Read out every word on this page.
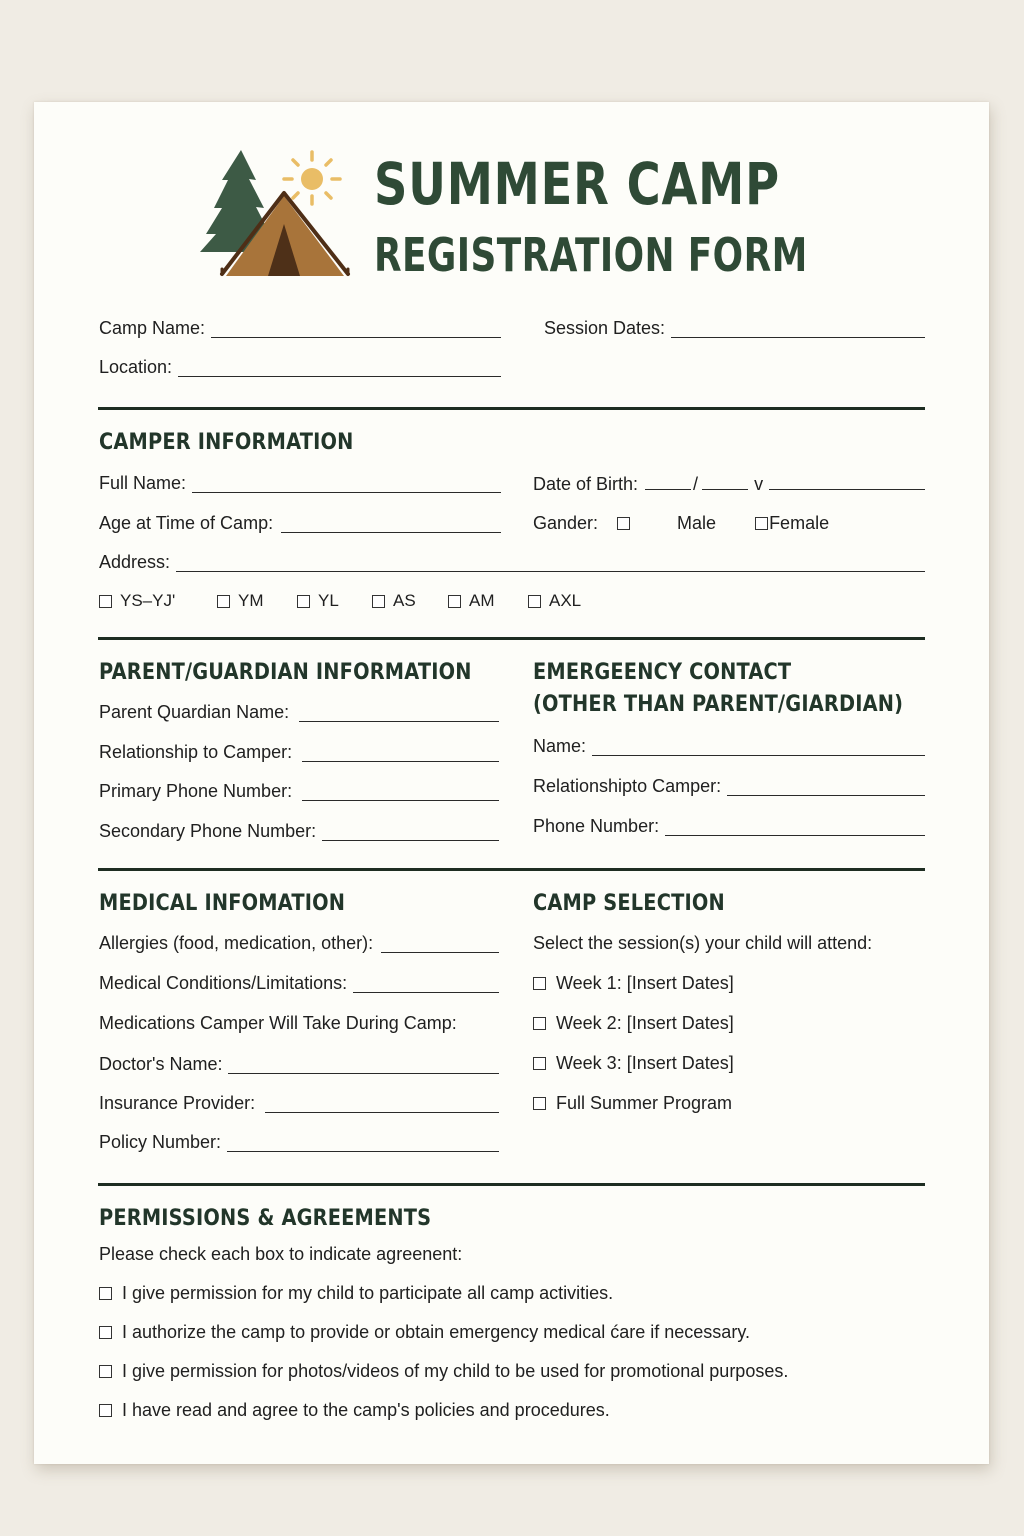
SUMMER CAMP
REGISTRATION FORM
Camp Name:	Session Dates:
Location:
CAMPER INFORMATION
Full Name:	Date of Birth:	/	v
Age at Time of Camp:	Gander:	Male	Female
Address:
YS–YJ'	YM	YL	AS	AM	AXL
PARENT/GUARDIAN INFORMATION
Parent Quardian Name:
Relationship to Camper:
Primary Phone Number:
Secondary Phone Number:
EMERGEENCY CONTACT
(OTHER THAN PARENT/GIARDIAN)
Name:
Relationshipto Camper:
Phone Number:
MEDICAL INFOMATION
Allergies (food, medication, other):
Medical Conditions/Limitations:
Medications Camper Will Take During Camp:
Doctor's Name:
Insurance Provider:
Policy Number:
CAMP SELECTION
Select the session(s) your child will attend:
Week 1: [Insert Dates]
Week 2: [Insert Dates]
Week 3: [Insert Dates]
Full Summer Program
PERMISSIONS & AGREEMENTS
Please check each box to indicate agreenent:
I give permission for my child to participate all camp activities.
I authorize the camp to provide or obtain emergency medical ćare if necessary.
I give permission for photos/videos of my child to be used for promotional purposes.
I have read and agree to the camp's policies and procedures.
